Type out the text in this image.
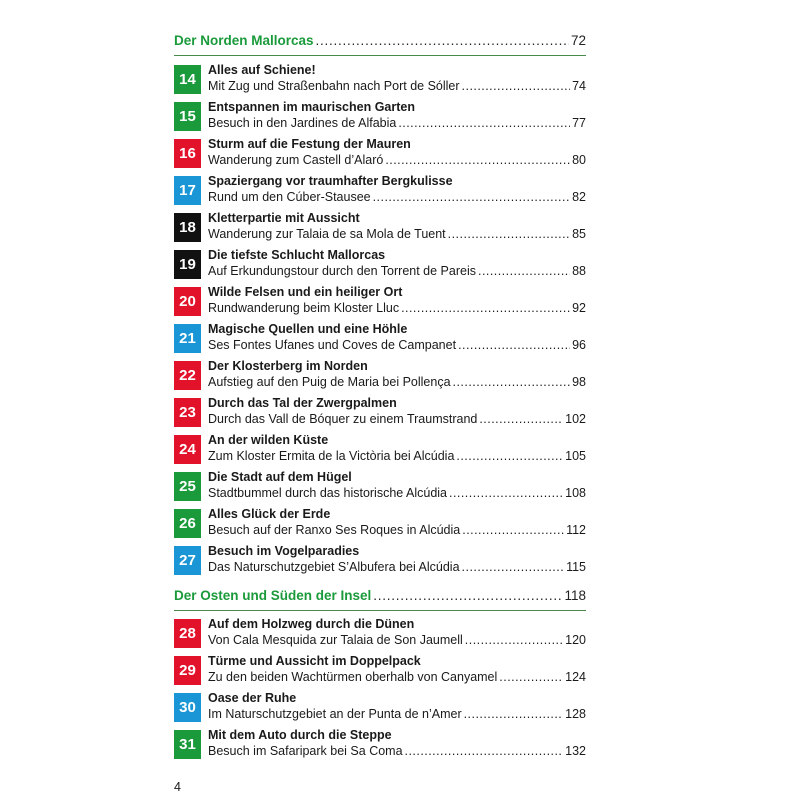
Der Norden Mallorcas . . .	72
14
Alles auf Schiene!
Mit Zug und Straßenbahn nach Port de Sóller . . .	74
15
Entspannen im maurischen Garten
Besuch in den Jardines de Alfabia . . .	77
16
Sturm auf die Festung der Mauren
Wanderung zum Castell d’Alaró . . .	80
17
Spaziergang vor traumhafter Bergkulisse
Rund um den Cúber-Stausee . . .	82
18
Kletterpartie mit Aussicht
Wanderung zur Talaia de sa Mola de Tuent . . .	85
19
Die tiefste Schlucht Mallorcas
Auf Erkundungstour durch den Torrent de Pareis . . .	88
20
Wilde Felsen und ein heiliger Ort
Rundwanderung beim Kloster Lluc . . .	92
21
Magische Quellen und eine Höhle
Ses Fontes Ufanes und Coves de Campanet . . .	96
22
Der Klosterberg im Norden
Aufstieg auf den Puig de Maria bei Pollença . . .	98
23
Durch das Tal der Zwergpalmen
Durch das Vall de Bóquer zu einem Traumstrand . . .	102
24
An der wilden Küste
Zum Kloster Ermita de la Victòria bei Alcúdia . . .	105
25
Die Stadt auf dem Hügel
Stadtbummel durch das historische Alcúdia . . .	108
26
Alles Glück der Erde
Besuch auf der Ranxo Ses Roques in Alcúdia . . .	112
27
Besuch im Vogelparadies
Das Naturschutzgebiet S’Albufera bei Alcúdia . . .	115
Der Osten und Süden der Insel . . .	118
28
Auf dem Holzweg durch die Dünen
Von Cala Mesquida zur Talaia de Son Jaumell . . .	120
29
Türme und Aussicht im Doppelpack
Zu den beiden Wachtürmen oberhalb von Canyamel . . .	124
30
Oase der Ruhe
Im Naturschutzgebiet an der Punta de n’Amer . . .	128
31
Mit dem Auto durch die Steppe
Besuch im Safaripark bei Sa Coma . . .	132
4
